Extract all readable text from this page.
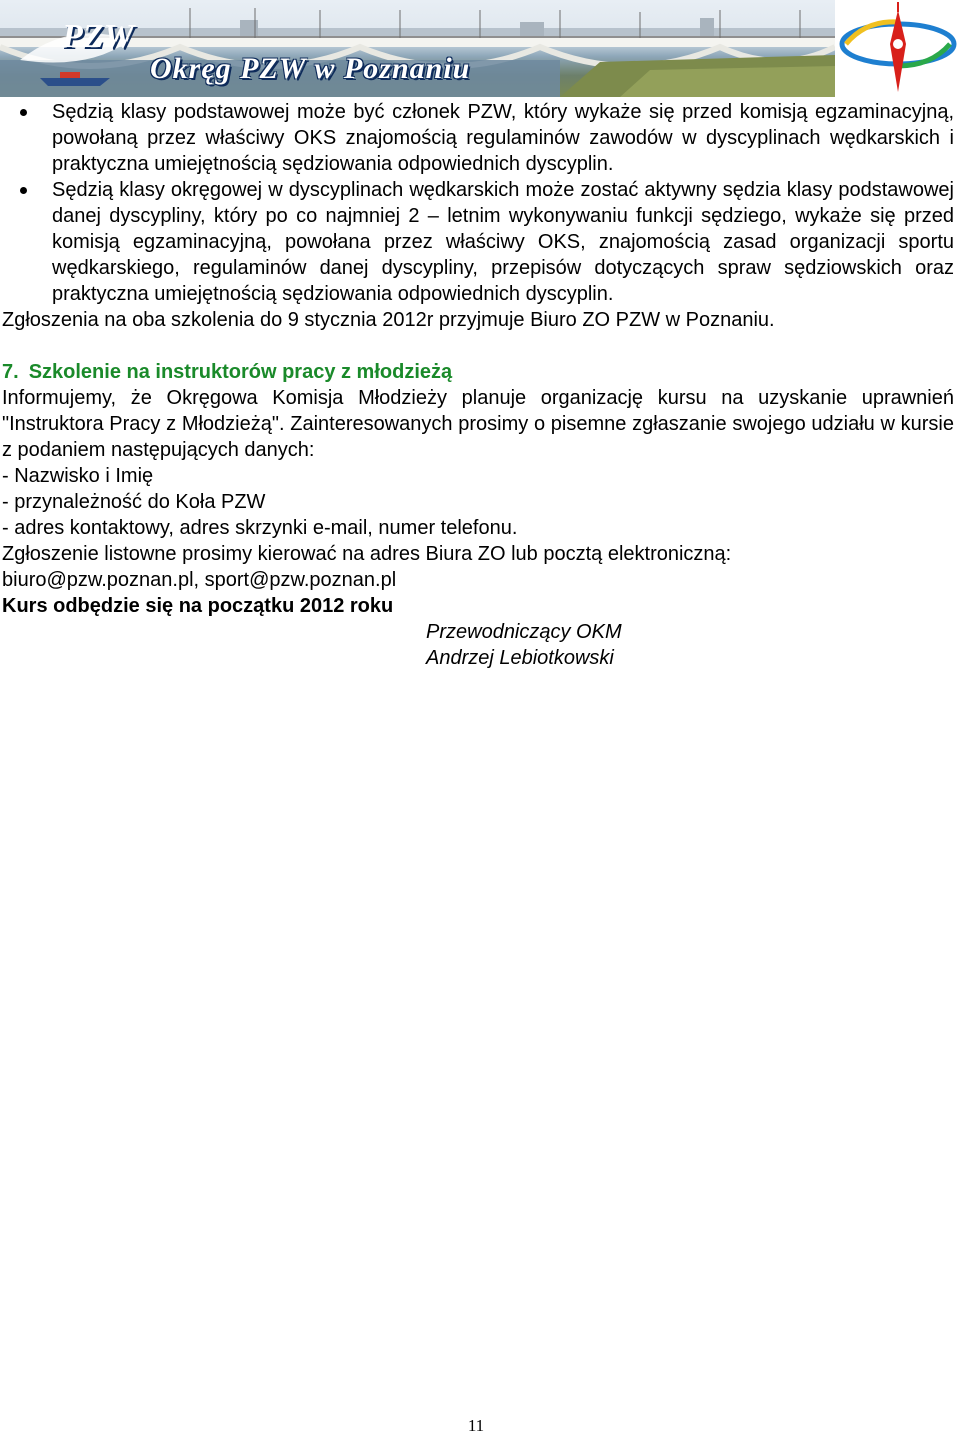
PZW
Okręg PZW w Poznaniu
Sędzią klasy podstawowej może być członek PZW, który wykaże się przed komisją egzaminacyjną, powołaną przez właściwy OKS znajomością regulaminów zawodów w dyscyplinach wędkarskich i praktyczna umiejętnością sędziowania odpowiednich dyscyplin.
Sędzią klasy okręgowej w dyscyplinach wędkarskich może zostać aktywny sędzia klasy podstawowej danej dyscypliny, który po co najmniej 2 – letnim wykonywaniu funkcji sędziego, wykaże się przed komisją egzaminacyjną, powołana przez właściwy OKS, znajomością zasad organizacji sportu wędkarskiego, regulaminów danej dyscypliny, przepisów dotyczących spraw sędziowskich oraz praktyczna umiejętnością sędziowania odpowiednich dyscyplin.

Zgłoszenia na oba szkolenia do 9 stycznia 2012r przyjmuje Biuro ZO PZW w Poznaniu.

7. Szkolenie na instruktorów pracy z młodzieżą

Informujemy, że Okręgowa Komisja Młodzieży planuje organizację kursu na uzyskanie uprawnień "Instruktora Pracy z Młodzieżą". Zainteresowanych prosimy o pisemne zgłaszanie swojego udziału w kursie z podaniem następujących danych:

- Nazwisko i Imię

- przynależność do Koła PZW

- adres kontaktowy, adres skrzynki e-mail, numer telefonu.

Zgłoszenie listowne prosimy kierować na adres Biura ZO lub pocztą elektroniczną:

biuro@pzw.poznan.pl, sport@pzw.poznan.pl

Kurs odbędzie się na początku 2012 roku

Przewodniczący OKM

Andrzej Lebiotkowski

11
